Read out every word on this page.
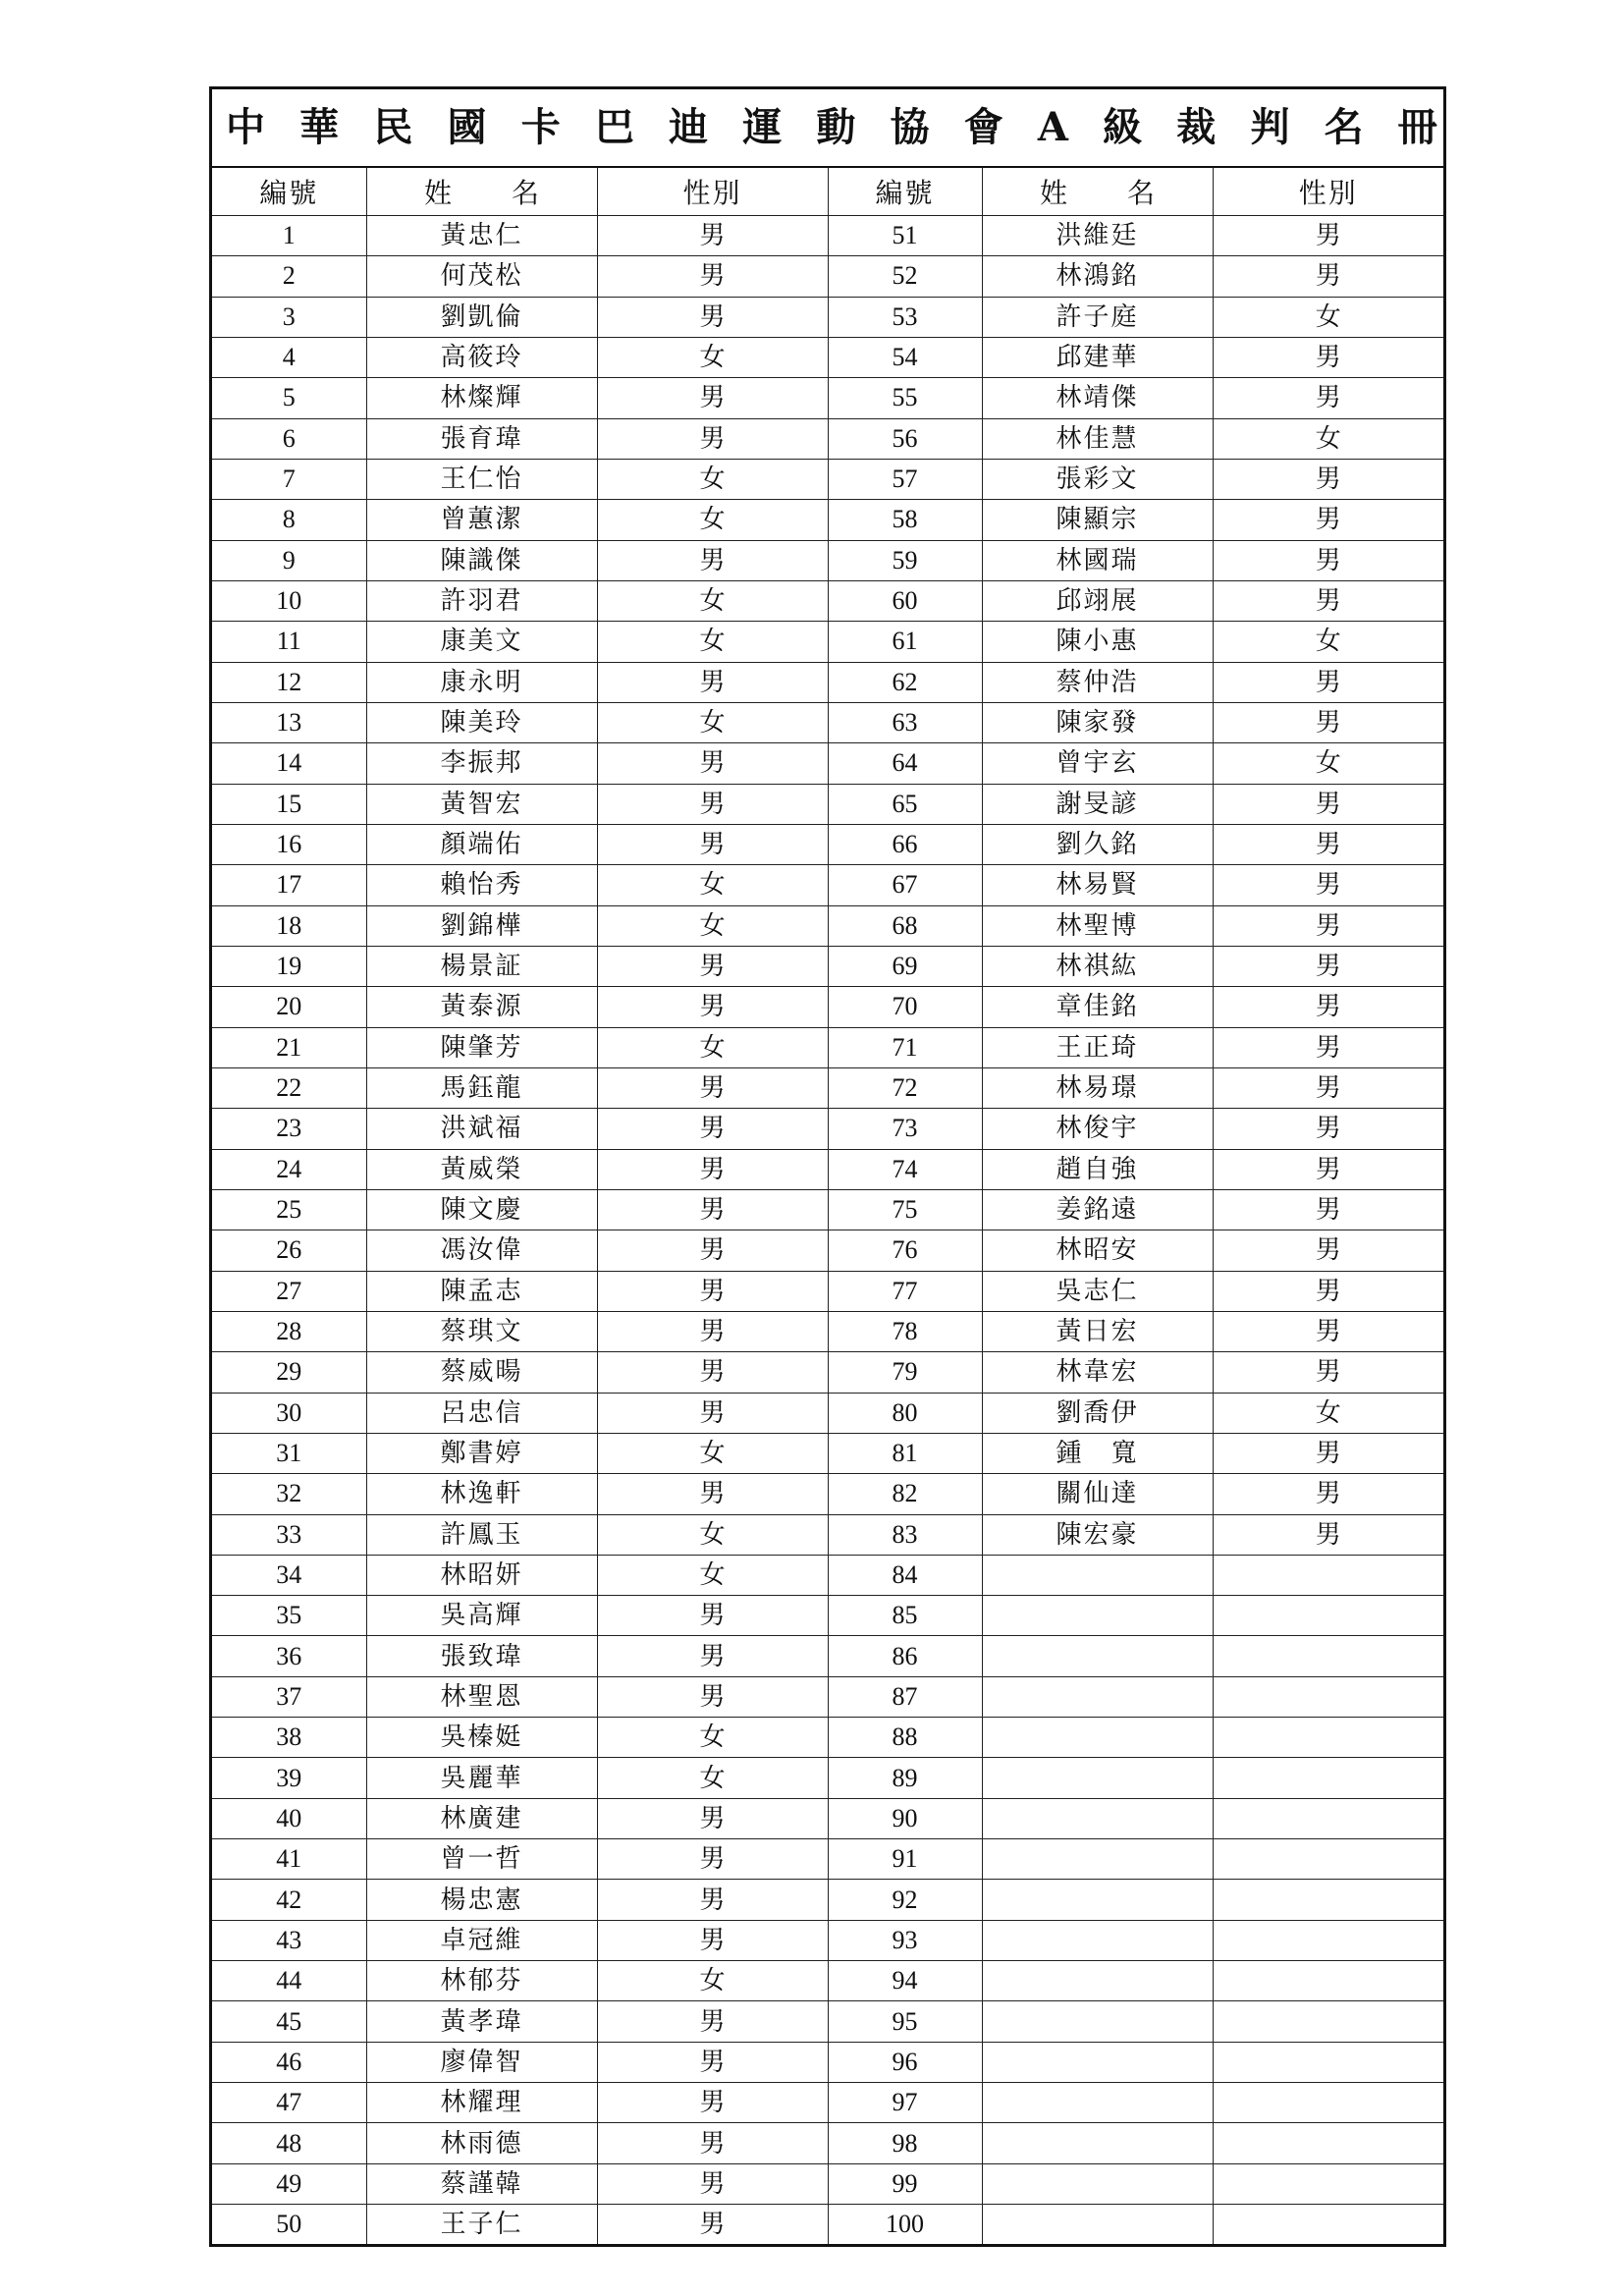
中 華 民 國 卡 巴 迪 運 動 協 會 A 級 裁 判 名 冊
編號	姓 名	性別	編號	姓 名	性別
1	黃忠仁	男	51	洪維廷	男
2	何茂松	男	52	林鴻銘	男
3	劉凱倫	男	53	許子庭	女
4	高筱玲	女	54	邱建華	男
5	林燦輝	男	55	林靖傑	男
6	張育瑋	男	56	林佳慧	女
7	王仁怡	女	57	張彩文	男
8	曾蕙潔	女	58	陳顯宗	男
9	陳識傑	男	59	林國瑞	男
10	許羽君	女	60	邱翊展	男
11	康美文	女	61	陳小惠	女
12	康永明	男	62	蔡仲浩	男
13	陳美玲	女	63	陳家發	男
14	李振邦	男	64	曾宇玄	女
15	黃智宏	男	65	謝旻諺	男
16	顏端佑	男	66	劉久銘	男
17	賴怡秀	女	67	林易賢	男
18	劉錦樺	女	68	林聖博	男
19	楊景証	男	69	林祺紘	男
20	黃泰源	男	70	章佳銘	男
21	陳肇芳	女	71	王正琦	男
22	馬鈺龍	男	72	林易璟	男
23	洪斌福	男	73	林俊宇	男
24	黃威榮	男	74	趙自強	男
25	陳文慶	男	75	姜銘遠	男
26	馮汝偉	男	76	林昭安	男
27	陳孟志	男	77	吳志仁	男
28	蔡琪文	男	78	黃日宏	男
29	蔡威暘	男	79	林韋宏	男
30	呂忠信	男	80	劉喬伊	女
31	鄭書婷	女	81	鍾　寬	男
32	林逸軒	男	82	關仙達	男
33	許鳳玉	女	83	陳宏豪	男
34	林昭妍	女	84		
35	吳高輝	男	85		
36	張致瑋	男	86		
37	林聖恩	男	87		
38	吳榛娗	女	88		
39	吳麗華	女	89		
40	林廣建	男	90		
41	曾一哲	男	91		
42	楊忠憲	男	92		
43	卓冠維	男	93		
44	林郁芬	女	94		
45	黃孝瑋	男	95		
46	廖偉智	男	96		
47	林耀理	男	97		
48	林雨德	男	98		
49	蔡謹韓	男	99		
50	王子仁	男	100		
